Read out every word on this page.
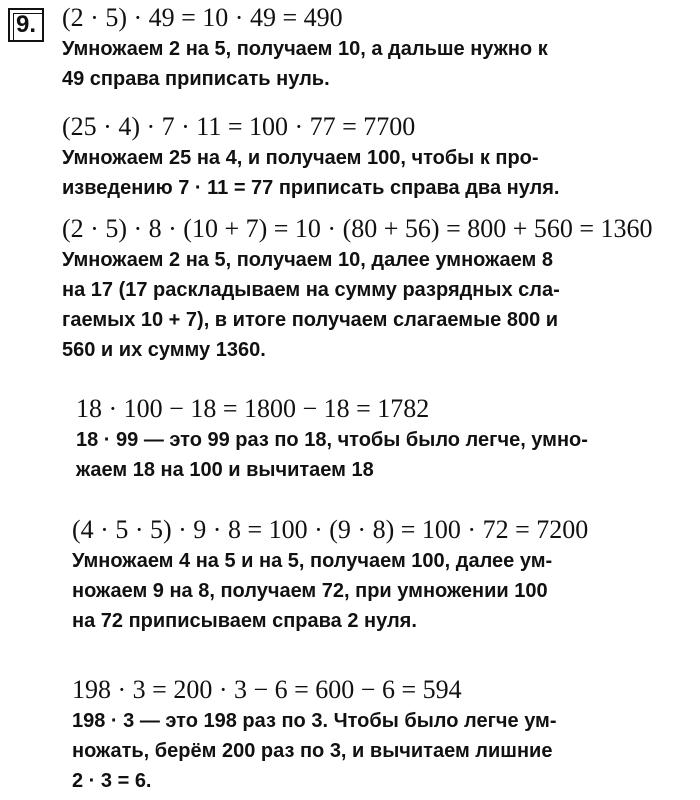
9.	(2 · 5) · 49 = 10 · 49 = 490
Умножаем 2 на 5, получаем 10, а дальше нужно к
49 справа приписать нуль.
(25 · 4) · 7 · 11 = 100 · 77 = 7700
Умножаем 25 на 4, и получаем 100, чтобы к про-
изведению 7 · 11 = 77 приписать справа два нуля.
(2 · 5) · 8 · (10 + 7) = 10 · (80 + 56) = 800 + 560 = 1360
Умножаем 2 на 5, получаем 10, далее умножаем 8
на 17 (17 раскладываем на сумму разрядных сла-
гаемых 10 + 7), в итоге получаем слагаемые 800 и
560 и их сумму 1360.
18 · 100 − 18 = 1800 − 18 = 1782
18 · 99 — это 99 раз по 18, чтобы было легче, умно-
жаем 18 на 100 и вычитаем 18
(4 · 5 · 5) · 9 · 8 = 100 · (9 · 8) = 100 · 72 = 7200
Умножаем 4 на 5 и на 5, получаем 100, далее ум-
ножаем 9 на 8, получаем 72, при умножении 100
на 72 приписываем справа 2 нуля.
198 · 3 = 200 · 3 − 6 = 600 − 6 = 594
198 · 3 — это 198 раз по 3. Чтобы было легче ум-
ножать, берём 200 раз по 3, и вычитаем лишние
2 · 3 = 6.
